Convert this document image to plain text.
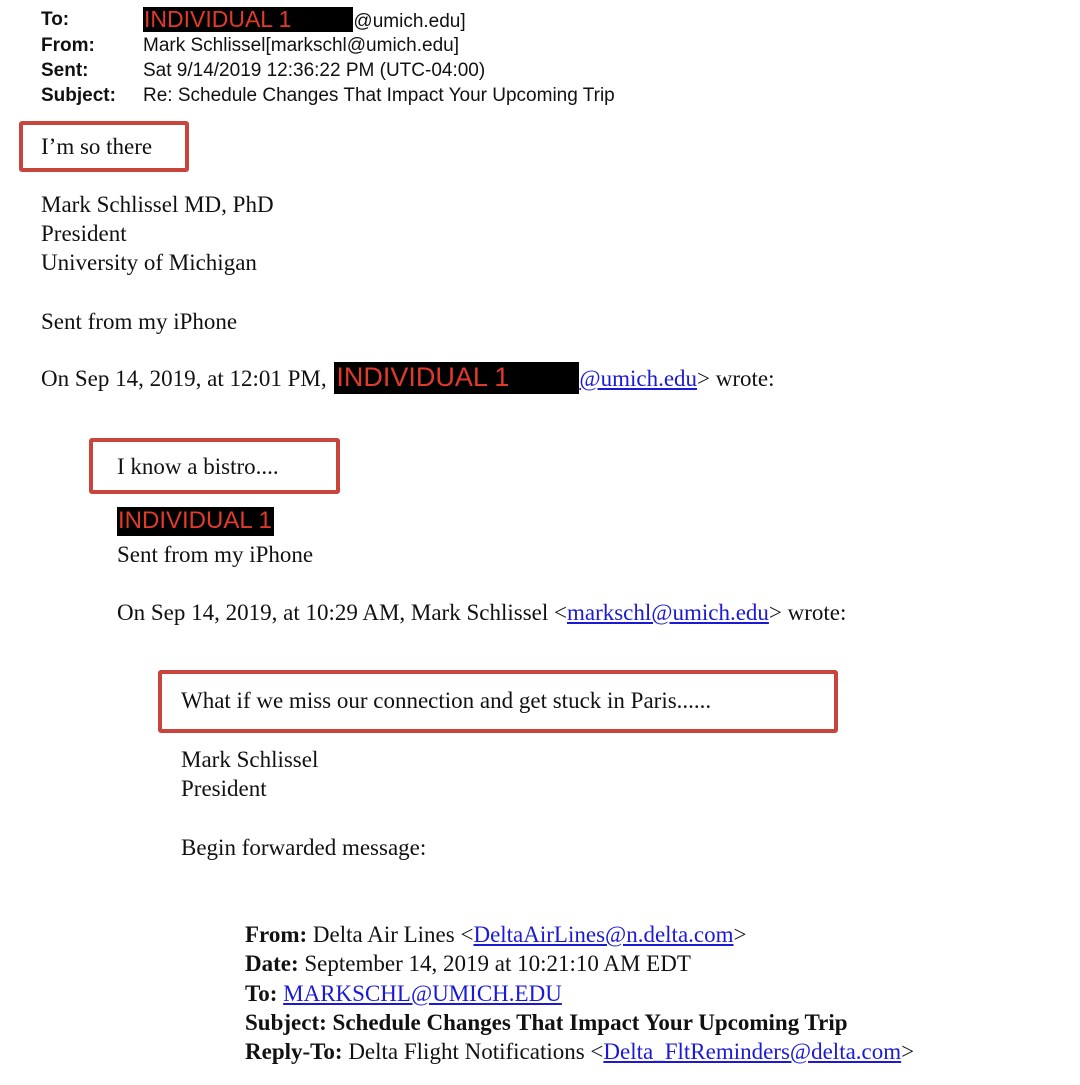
To:	INDIVIDUAL 1	@umich.edu]
From:	Mark Schlissel[markschl@umich.edu]
Sent:	Sat 9/14/2019 12:36:22 PM (UTC-04:00)
Subject: Re: Schedule Changes That Impact Your Upcoming Trip
I’m so there
Mark Schlissel MD, PhD
President
University of Michigan
Sent from my iPhone
On Sep 14, 2019, at 12:01 PM, INDIVIDUAL 1	@umich.edu> wrote:
I know a bistro....
INDIVIDUAL 1
Sent from my iPhone
On Sep 14, 2019, at 10:29 AM, Mark Schlissel <markschl@umich.edu> wrote:
What if we miss our connection and get stuck in Paris......
Mark Schlissel
President
Begin forwarded message:
From: Delta Air Lines <DeltaAirLines@n.delta.com>
Date: September 14, 2019 at 10:21:10 AM EDT
To: MARKSCHL@UMICH.EDU
Subject: Schedule Changes That Impact Your Upcoming Trip
Reply-To: Delta Flight Notifications <Delta_FltReminders@delta.com>
